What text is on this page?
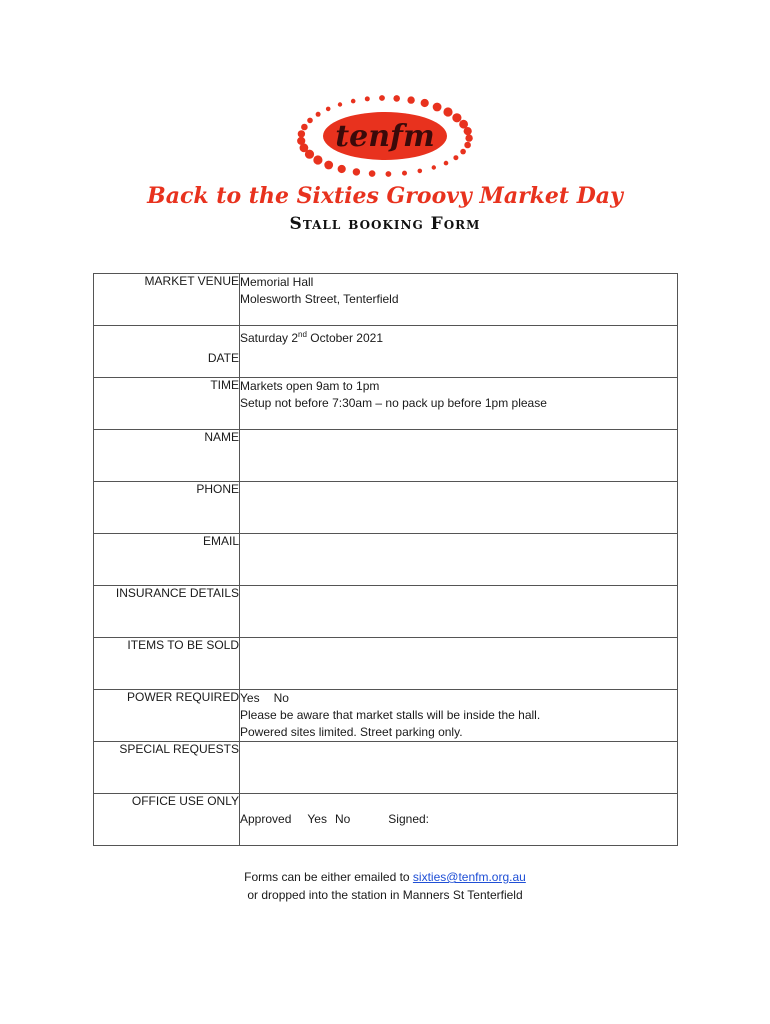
tenfm
Back to the Sixties Groovy Market Day
Stall booking Form
MARKET VENUE	Memorial Hall
Molesworth Street, Tenterfield

DATE	Saturday 2nd October 2021

TIME	Markets open 9am to 1pm
Setup not before 7:30am – no pack up before 1pm please

NAME	
PHONE	
EMAIL	
INSURANCE DETAILS	
ITEMS TO BE SOLD	
POWER REQUIRED	Yes No
Please be aware that market stalls will be inside the hall.
Powered sites limited. Street parking only.

SPECIAL REQUESTS	
OFFICE USE ONLY	Approved Yes No Signed:
Forms can be either emailed to sixties@tenfm.org.au
or dropped into the station in Manners St Tenterfield
